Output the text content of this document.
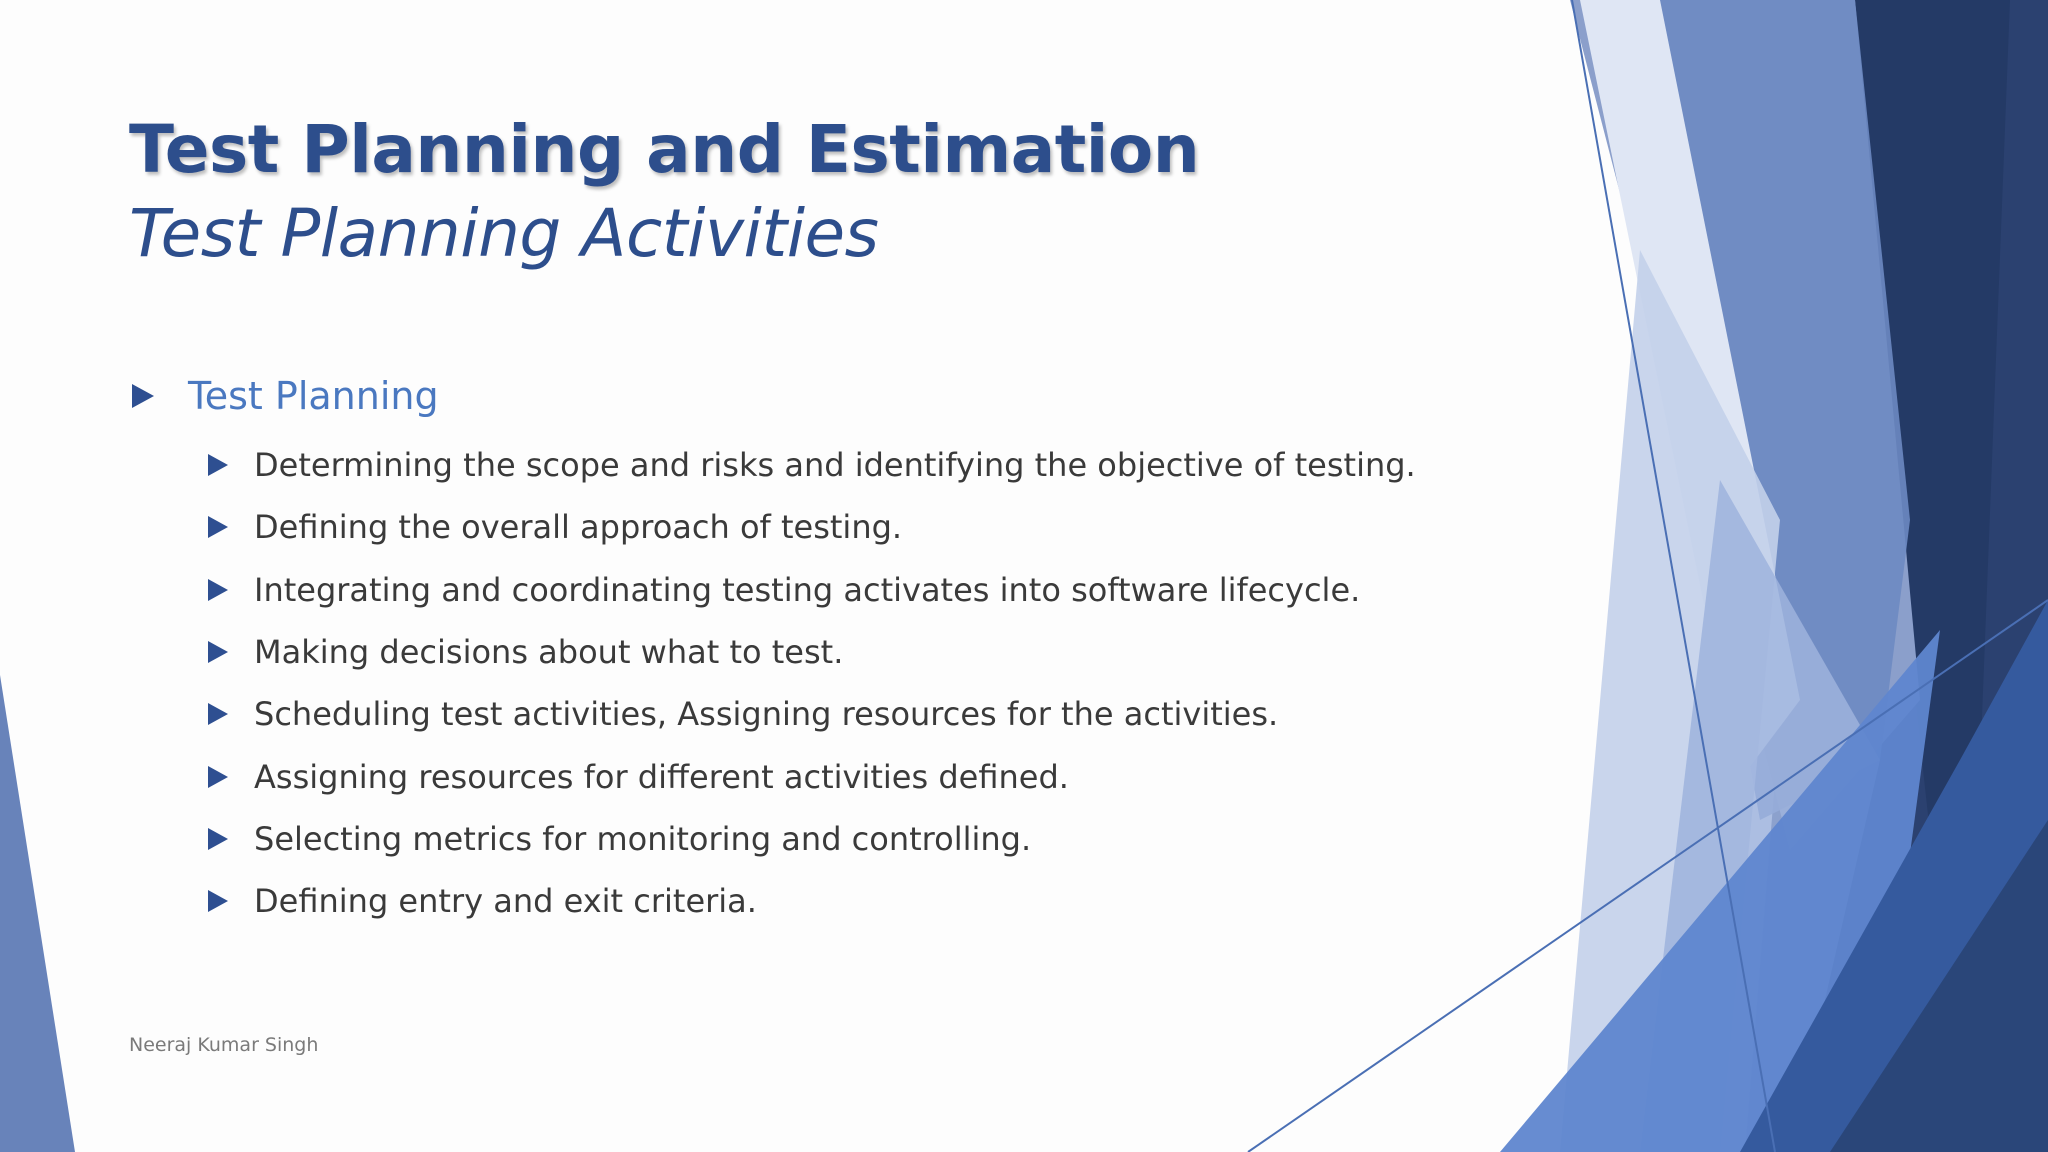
Test Planning and Estimation
Test Planning Activities
Test Planning
Determining the scope and risks and identifying the objective of testing.
Defining the overall approach of testing.
Integrating and coordinating testing activates into software lifecycle.
Making decisions about what to test.
Scheduling test activities, Assigning resources for the activities.
Assigning resources for different activities defined.
Selecting metrics for monitoring and controlling.
Defining entry and exit criteria.
Neeraj Kumar Singh
